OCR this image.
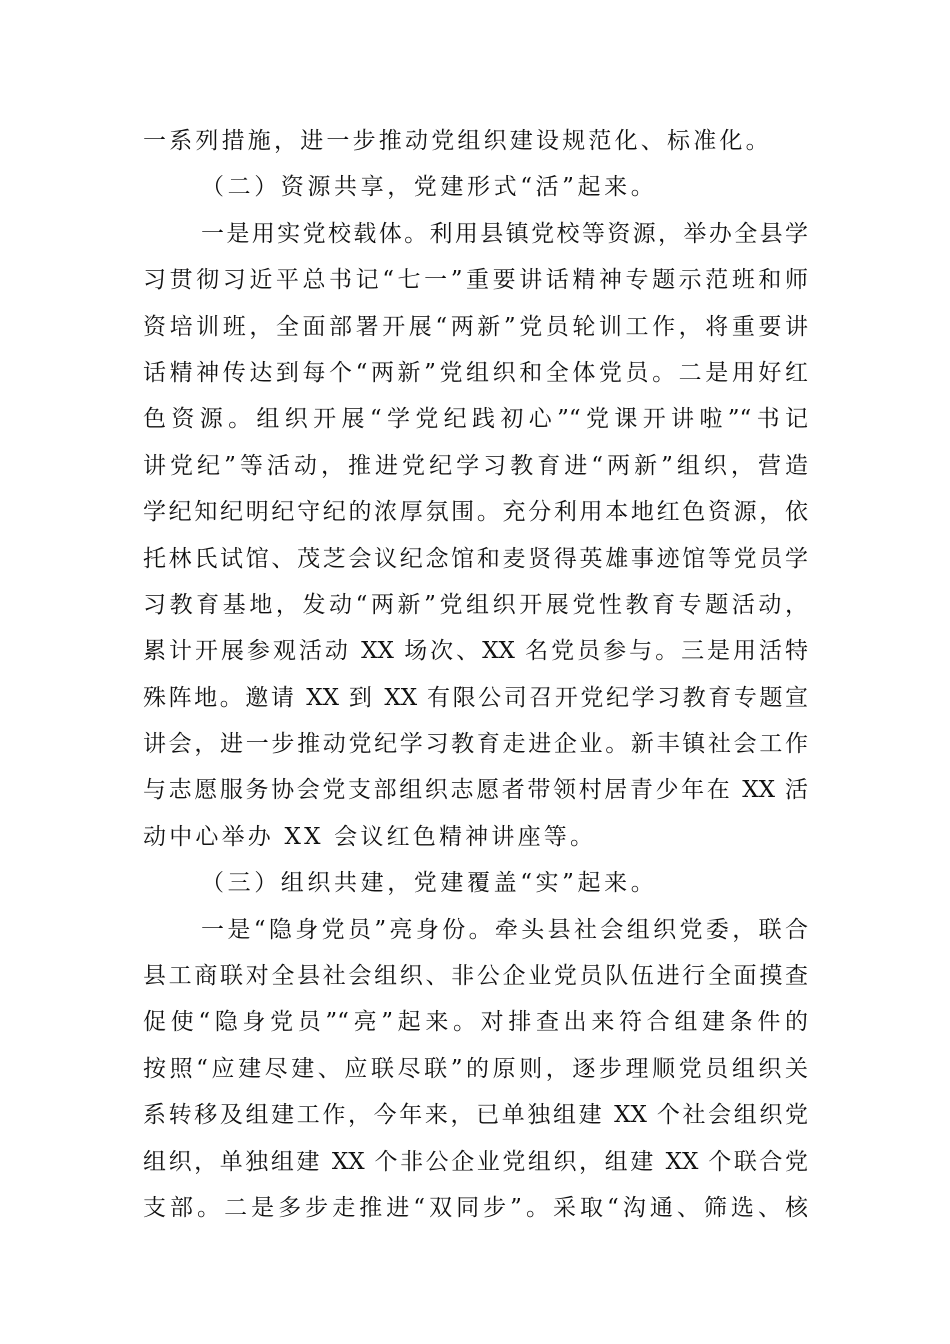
一系列措施，进一步推动党组织建设规范化、标准化。
（二）资源共享，党建形式“活”起来。
一是用实党校载体。利用县镇党校等资源，举办全县学
习贯彻习近平总书记“七一”重要讲话精神专题示范班和师
资培训班，全面部署开展“两新”党员轮训工作，将重要讲
话精神传达到每个“两新”党组织和全体党员。二是用好红
色资源。组织开展“学党纪践初心”“党课开讲啦”“书记
讲党纪”等活动，推进党纪学习教育进“两新”组织，营造
学纪知纪明纪守纪的浓厚氛围。充分利用本地红色资源，依
托林氏试馆、茂芝会议纪念馆和麦贤得英雄事迹馆等党员学
习教育基地，发动“两新”党组织开展党性教育专题活动，
累计开展参观活动 XX 场次、XX 名党员参与。三是用活特
殊阵地。邀请 XX 到 XX 有限公司召开党纪学习教育专题宣
讲会，进一步推动党纪学习教育走进企业。新丰镇社会工作
与志愿服务协会党支部组织志愿者带领村居青少年在 XX 活
动中心举办 XX 会议红色精神讲座等。
（三）组织共建，党建覆盖“实”起来。
一是“隐身党员”亮身份。牵头县社会组织党委，联合
县工商联对全县社会组织、非公企业党员队伍进行全面摸查
促使“隐身党员”“亮”起来。对排查出来符合组建条件的
按照“应建尽建、应联尽联”的原则，逐步理顺党员组织关
系转移及组建工作，今年来，已单独组建 XX 个社会组织党
组织，单独组建 XX 个非公企业党组织，组建 XX 个联合党
支部。二是多步走推进“双同步”。采取“沟通、筛选、核
